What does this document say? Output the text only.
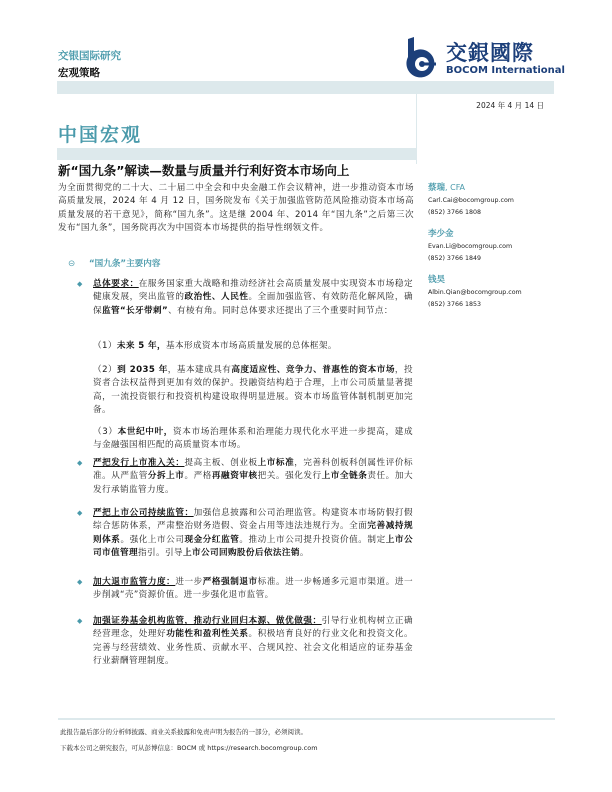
交银国际研究
宏观策略
交銀國際
BOCOM International
2024 年 4 月 14 日
中国宏观
新“国九条”解读—数量与质量并行利好资本市场向上
为全面贯彻党的二十大、二十届二中全会和中央金融工作会议精神，进一步推动资本市场高质量发展，2024 年 4 月 12 日，国务院发布《关于加强监管防范风险推动资本市场高质量发展的若干意见》，简称“国九条”。这是继 2004 年、2014 年“国九条”之后第三次发布“国九条”，国务院再次为中国资本市场提供的指导性纲领文件。
⊝ “国九条”主要内容
◆ 总体要求：在服务国家重大战略和推动经济社会高质量发展中实现资本市场稳定健康发展，突出监管的政治性、人民性。全面加强监管、有效防范化解风险，确保监管“长牙带刺”、有棱有角。同时总体要求还提出了三个重要时间节点：
（1）未来 5 年，基本形成资本市场高质量发展的总体框架。
（2）到 2035 年，基本建成具有高度适应性、竞争力、普惠性的资本市场，投资者合法权益得到更加有效的保护。投融资结构趋于合理，上市公司质量显著提高，一流投资银行和投资机构建设取得明显进展。资本市场监管体制机制更加完备。
（3）本世纪中叶，资本市场治理体系和治理能力现代化水平进一步提高，建成与金融强国相匹配的高质量资本市场。
◆ 严把发行上市准入关：提高主板、创业板上市标准，完善科创板科创属性评价标准。从严监管分拆上市。严格再融资审核把关。强化发行上市全链条责任。加大发行承销监管力度。
◆ 严把上市公司持续监管：加强信息披露和公司治理监管。构建资本市场防假打假综合惩防体系，严肃整治财务造假、资金占用等违法违规行为。全面完善减持规则体系。强化上市公司现金分红监管。推动上市公司提升投资价值。制定上市公司市值管理指引。引导上市公司回购股份后依法注销。
◆ 加大退市监管力度：进一步严格强制退市标准。进一步畅通多元退市渠道。进一步削减“壳”资源价值。进一步强化退市监管。
◆ 加强证券基金机构监管，推动行业回归本源、做优做强：引导行业机构树立正确经营理念，处理好功能性和盈利性关系。积极培育良好的行业文化和投资文化。完善与经营绩效、业务性质、贡献水平、合规风控、社会文化相适应的证券基金行业薪酬管理制度。
蔡瑞, CFA
Carl.Cai@bocomgroup.com
(852) 3766 1808
李少金
Evan.Li@bocomgroup.com
(852) 3766 1849
钱昊
Albin.Qian@bocomgroup.com
(852) 3766 1853
此报告最后部分的分析师披露、商业关系披露和免责声明为报告的一部分，必须阅读。
下载本公司之研究报告，可从彭博信息：BOCM 或 https://research.bocomgroup.com
